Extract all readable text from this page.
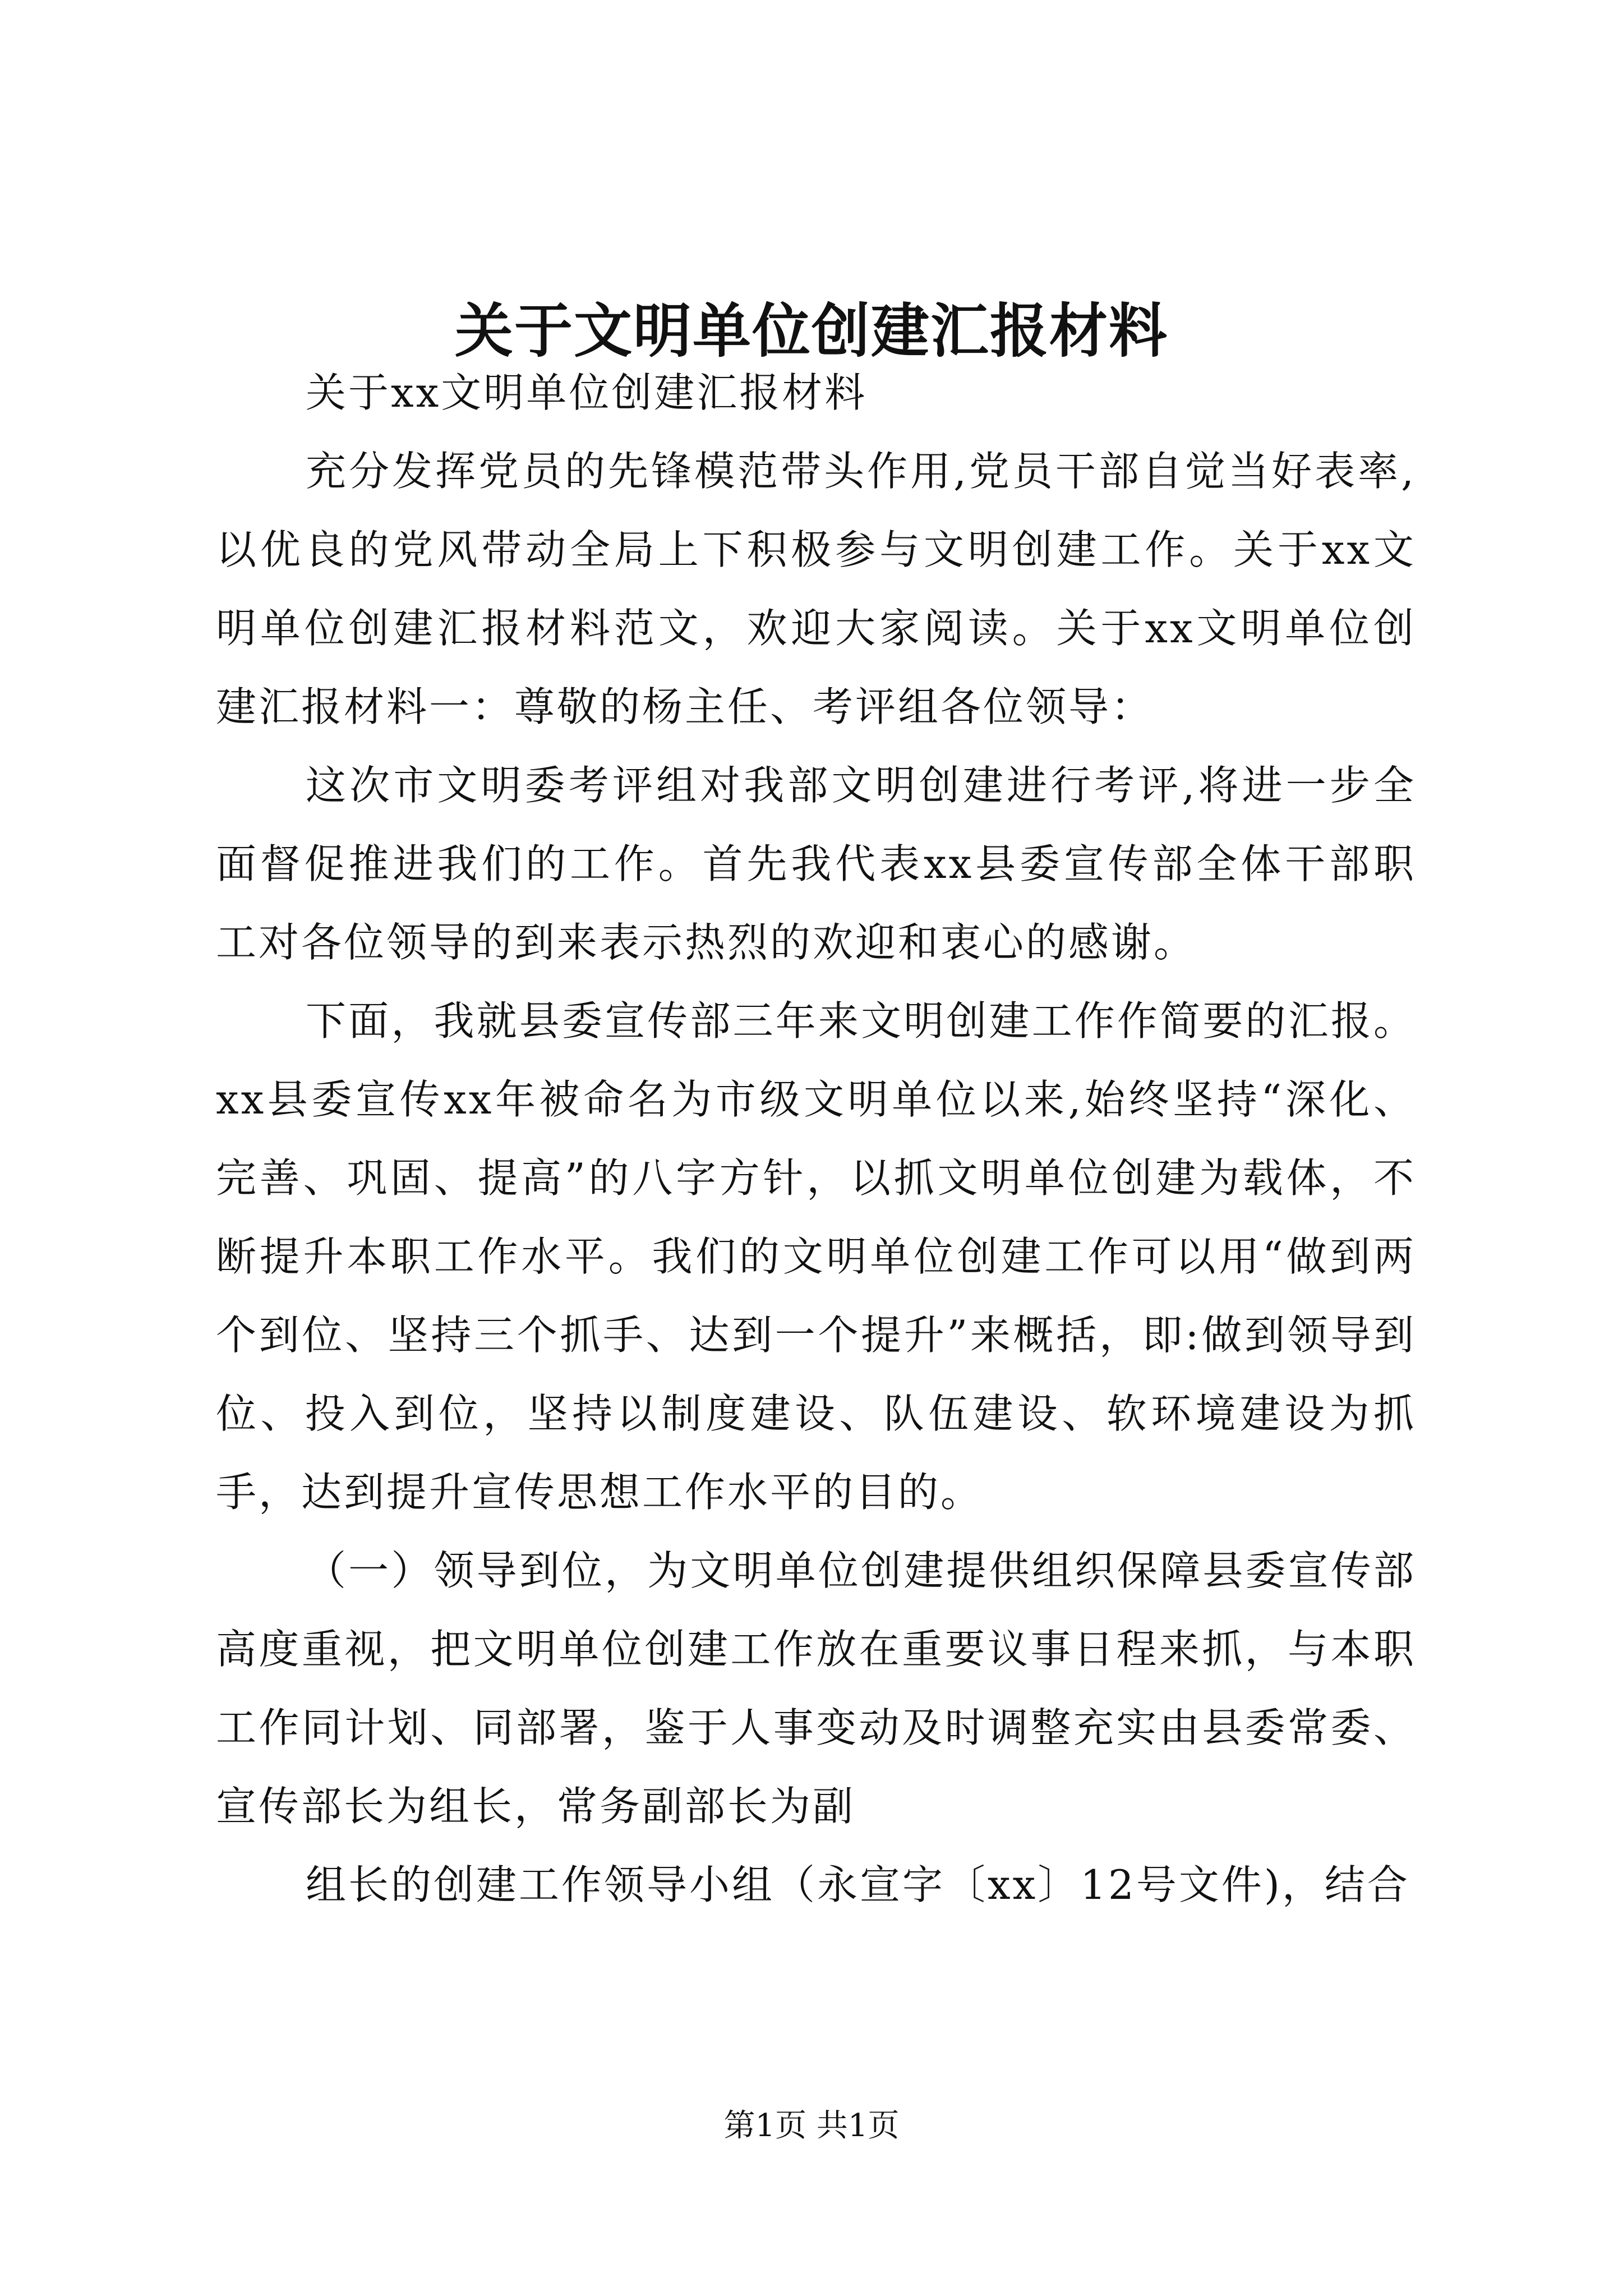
关于文明单位创建汇报材料

关于xx文明单位创建汇报材料

充分发挥党员的先锋模范带头作用,党员干部自觉当好表率,以优良的党风带动全局上下积极参与文明创建工作。关于xx文明单位创建汇报材料范文，欢迎大家阅读。关于xx文明单位创建汇报材料一：尊敬的杨主任、考评组各位领导：

这次市文明委考评组对我部文明创建进行考评,将进一步全面督促推进我们的工作。首先我代表xx县委宣传部全体干部职工对各位领导的到来表示热烈的欢迎和衷心的感谢。

下面，我就县委宣传部三年来文明创建工作作简要的汇报。xx县委宣传xx年被命名为市级文明单位以来,始终坚持“深化、完善、巩固、提高”的八字方针，以抓文明单位创建为载体，不断提升本职工作水平。我们的文明单位创建工作可以用“做到两个到位、坚持三个抓手、达到一个提升”来概括，即:做到领导到位、投入到位，坚持以制度建设、队伍建设、软环境建设为抓手，达到提升宣传思想工作水平的目的。

（一）领导到位，为文明单位创建提供组织保障县委宣传部高度重视，把文明单位创建工作放在重要议事日程来抓，与本职工作同计划、同部署，鉴于人事变动及时调整充实由县委常委、宣传部长为组长，常务副部长为副

组长的创建工作领导小组（永宣字〔xx〕12号文件)，结合

第1页 共1页
